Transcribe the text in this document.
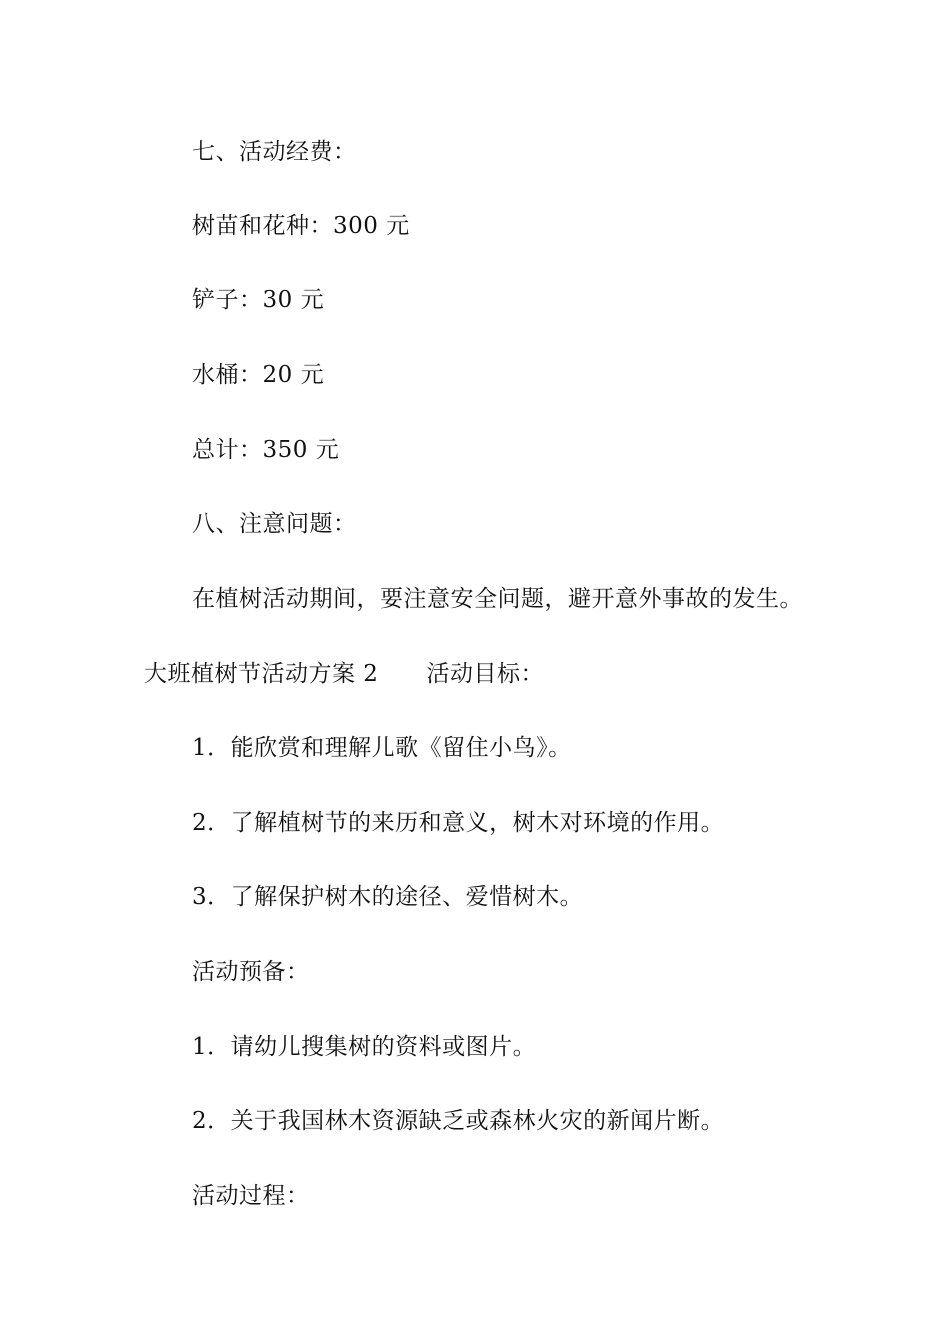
七、活动经费：
树苗和花种：300 元
铲子：30 元
水桶：20 元
总计：350 元
八、注意问题：
在植树活动期间，要注意安全问题，避开意外事故的发生。
大班植树节活动方案 2 活动目标：
1．能欣赏和理解儿歌《留住小鸟》。
2．了解植树节的来历和意义，树木对环境的作用。
3．了解保护树木的途径、爱惜树木。
活动预备：
1．请幼儿搜集树的资料或图片。
2．关于我国林木资源缺乏或森林火灾的新闻片断。
活动过程：
